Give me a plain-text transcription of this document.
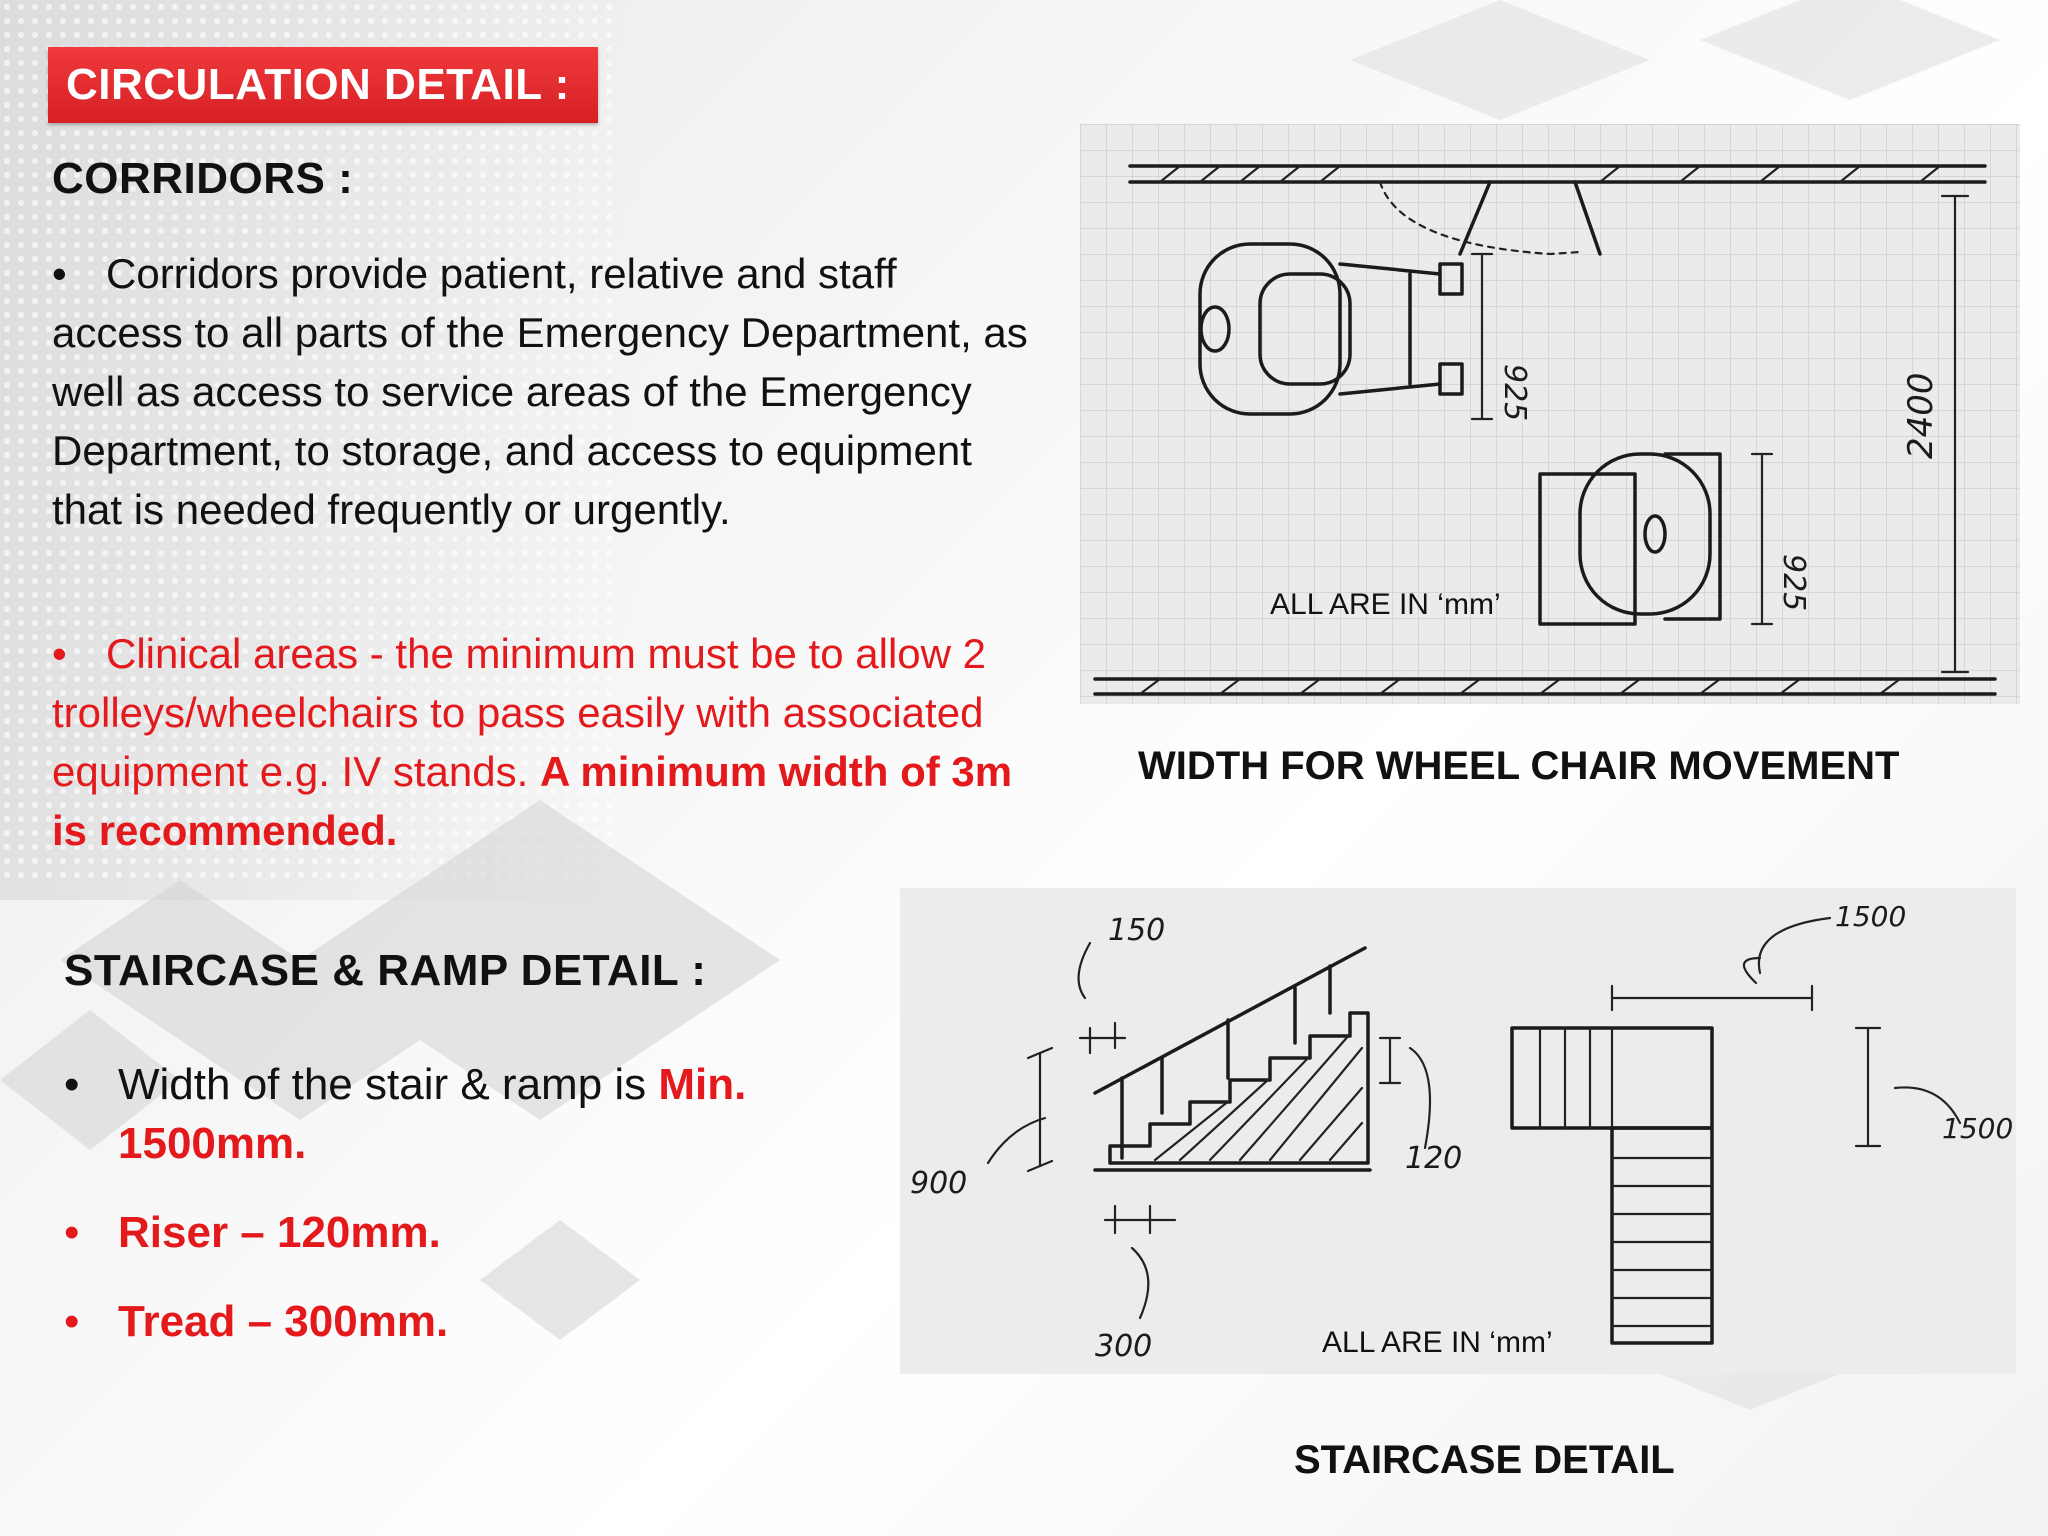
CIRCULATION DETAIL :
CORRIDORS :
• Corridors provide patient, relative and staff access to all parts of the Emergency Department, as well as access to service areas of the Emergency Department, to storage, and access to equipment that is needed frequently or urgently.
• Clinical areas - the minimum must be to allow 2 trolleys/wheelchairs to pass easily with associated equipment e.g. IV stands. A minimum width of 3m is recommended.
STAIRCASE & RAMP DETAIL :
• Width of the stair & ramp is Min. 1500mm.
• Riser – 120mm.
• Tread – 300mm.
925
925
2400
ALL ARE IN ‘mm’
WIDTH FOR WHEEL CHAIR MOVEMENT
150
900
120
300
1500
1500
ALL ARE IN ‘mm’
STAIRCASE DETAIL
